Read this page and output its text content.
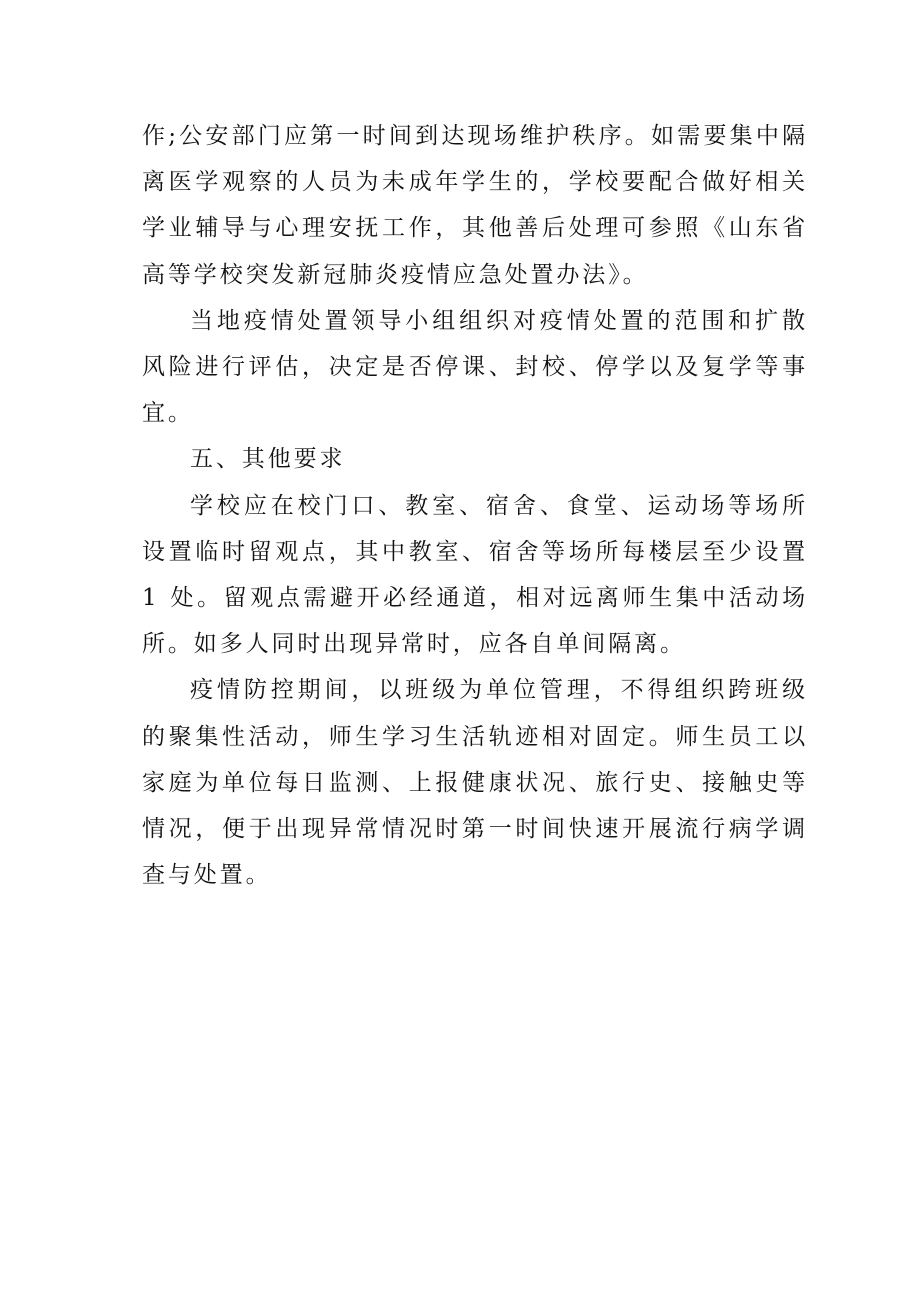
作;公安部门应第一时间到达现场维护秩序。如需要集中隔离医学观察的人员为未成年学生的，学校要配合做好相关学业辅导与心理安抚工作，其他善后处理可参照《山东省高等学校突发新冠肺炎疫情应急处置办法》。

当地疫情处置领导小组组织对疫情处置的范围和扩散风险进行评估，决定是否停课、封校、停学以及复学等事宜。

五、其他要求

学校应在校门口、教室、宿舍、食堂、运动场等场所设置临时留观点，其中教室、宿舍等场所每楼层至少设置 1 处。留观点需避开必经通道，相对远离师生集中活动场所。如多人同时出现异常时，应各自单间隔离。

疫情防控期间，以班级为单位管理，不得组织跨班级的聚集性活动，师生学习生活轨迹相对固定。师生员工以家庭为单位每日监测、上报健康状况、旅行史、接触史等情况，便于出现异常情况时第一时间快速开展流行病学调查与处置。
